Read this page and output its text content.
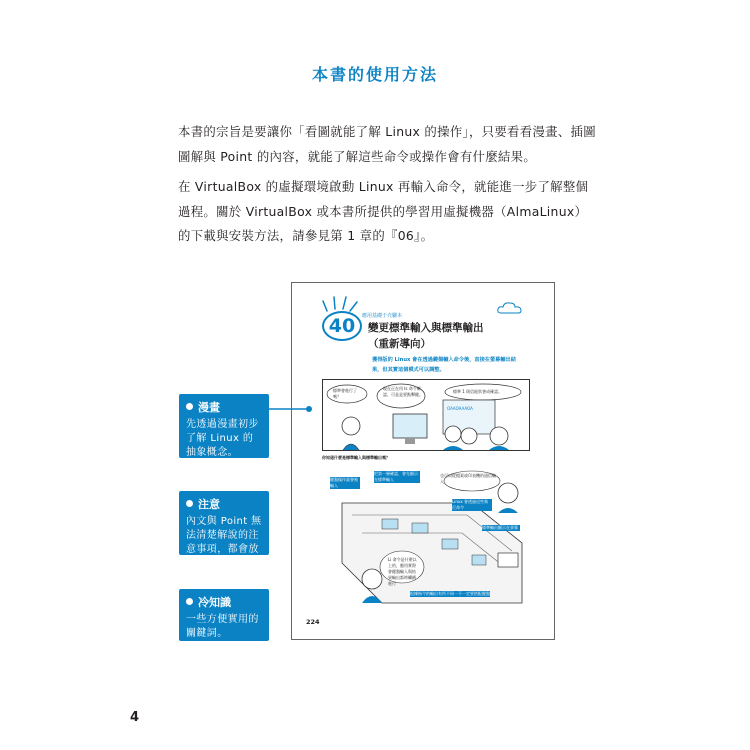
本書的使用方法

本書的宗旨是要讓你「看圖就能了解 Linux 的操作」，只要看看漫畫、插圖圖解與 Point 的內容，就能了解這些命令或操作會有什麼結果。

在 VirtualBox 的虛擬環境啟動 Linux 再輸入命令，就能進一步了解整個過程。關於 VirtualBox 或本書所提供的學習用虛擬機器（AlmaLinux）的下載與安裝方法，請參見第 1 章的『06』。

應用基礎于壳腳本
40	變更標準輸入與標準輸出
（重新導向）
獲得版的 Linux 會在透過鍵盤輸入命令後，直接在螢幕輸出結果，但其實這個模式可以調整。
標準會進行了嗎？
現在正在用 ls 命令確認，可是是要點擊鍵。
標準 1 則信能狀會成確認。
OAAOAAAOA
你知道什麼是標準輸入與標準輸出嗎？
把第一層確認，會先顯示在標準輸入
鍵盤操作就會被輸入
也可以從檔案或印表機的通信輸入
Linux 會透過這些執行命令
標準輸出顯示在螢幕
Li 命令是什麼以上的，應用實際會鍵盤輸入與結果輸出都時繼續進行
根據指令的輸出有所不同一不一定要搭配鍵盤
224
漫畫
先透過漫畫初步了解 Linux 的抽象概念。
注意
內文與 Point 無法清楚解說的注意事項，都會放在這裡。
冷知識
一些方便實用的關鍵詞。
4
